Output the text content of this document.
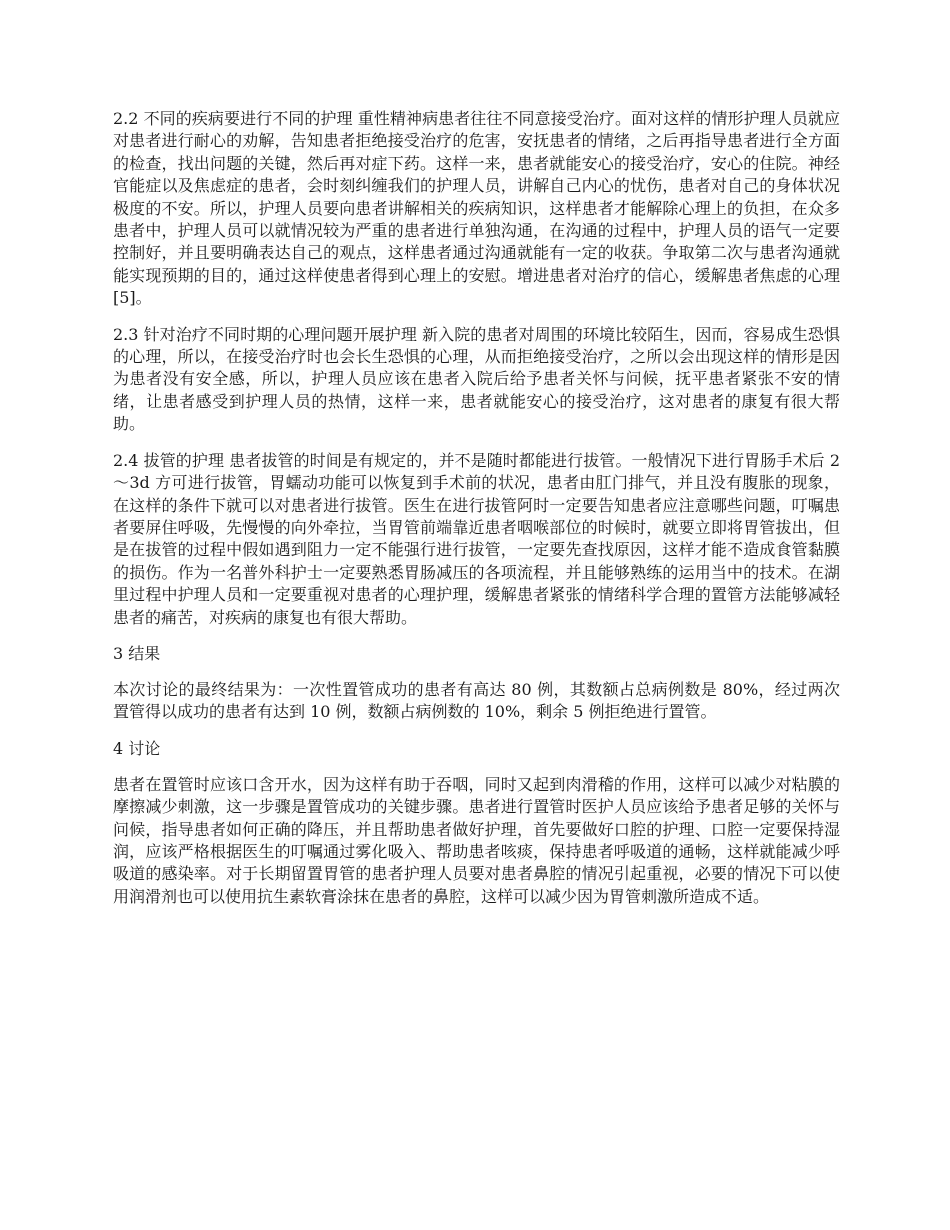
2.2 不同的疾病要进行不同的护理 重性精神病患者往往不同意接受治疗。面对这样的情形护理人员就应对患者进行耐心的劝解，告知患者拒绝接受治疗的危害，安抚患者的情绪，之后再指导患者进行全方面的检查，找出问题的关键，然后再对症下药。这样一来，患者就能安心的接受治疗，安心的住院。神经官能症以及焦虑症的患者，会时刻纠缠我们的护理人员，讲解自己内心的忧伤，患者对自己的身体状况极度的不安。所以，护理人员要向患者讲解相关的疾病知识，这样患者才能解除心理上的负担，在众多患者中，护理人员可以就情况较为严重的患者进行单独沟通，在沟通的过程中，护理人员的语气一定要控制好，并且要明确表达自己的观点，这样患者通过沟通就能有一定的收获。争取第二次与患者沟通就能实现预期的目的，通过这样使患者得到心理上的安慰。增进患者对治疗的信心，缓解患者焦虑的心理[5]。

2.3 针对治疗不同时期的心理问题开展护理 新入院的患者对周围的环境比较陌生，因而，容易成生恐惧的心理，所以，在接受治疗时也会长生恐惧的心理，从而拒绝接受治疗，之所以会出现这样的情形是因为患者没有安全感，所以，护理人员应该在患者入院后给予患者关怀与问候，抚平患者紧张不安的情绪，让患者感受到护理人员的热情，这样一来，患者就能安心的接受治疗，这对患者的康复有很大帮助。

2.4 拔管的护理 患者拔管的时间是有规定的，并不是随时都能进行拔管。一般情况下进行胃肠手术后 2～3d 方可进行拔管，胃蠕动功能可以恢复到手术前的状况，患者由肛门排气，并且没有腹胀的现象，在这样的条件下就可以对患者进行拔管。医生在进行拔管阿时一定要告知患者应注意哪些问题，叮嘱患者要屏住呼吸，先慢慢的向外牵拉，当胃管前端靠近患者咽喉部位的时候时，就要立即将胃管拔出，但是在拔管的过程中假如遇到阻力一定不能强行进行拔管，一定要先查找原因，这样才能不造成食管黏膜的损伤。作为一名普外科护士一定要熟悉胃肠减压的各项流程，并且能够熟练的运用当中的技术。在湖里过程中护理人员和一定要重视对患者的心理护理，缓解患者紧张的情绪科学合理的置管方法能够减轻患者的痛苦，对疾病的康复也有很大帮助。

3 结果

本次讨论的最终结果为：一次性置管成功的患者有高达 80 例，其数额占总病例数是 80%，经过两次置管得以成功的患者有达到 10 例，数额占病例数的 10%，剩余 5 例拒绝进行置管。

4 讨论

患者在置管时应该口含开水，因为这样有助于吞咽，同时又起到肉滑稽的作用，这样可以减少对粘膜的摩擦减少刺激，这一步骤是置管成功的关键步骤。患者进行置管时医护人员应该给予患者足够的关怀与问候，指导患者如何正确的降压，并且帮助患者做好护理，首先要做好口腔的护理、口腔一定要保持湿润，应该严格根据医生的叮嘱通过雾化吸入、帮助患者咳痰，保持患者呼吸道的通畅，这样就能减少呼吸道的感染率。对于长期留置胃管的患者护理人员要对患者鼻腔的情况引起重视，必要的情况下可以使用润滑剂也可以使用抗生素软膏涂抹在患者的鼻腔，这样可以减少因为胃管刺激所造成不适。
